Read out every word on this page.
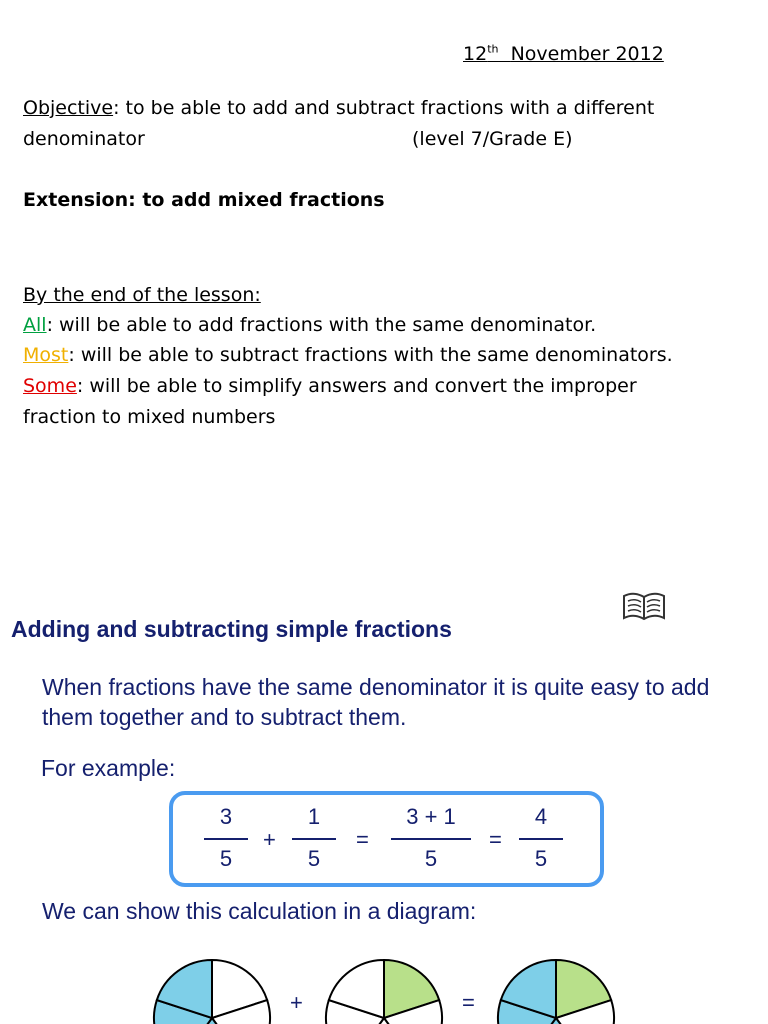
12th November 2012
Objective: to be able to add and subtract fractions with a different
denominator	(level 7/Grade E)
Extension: to add mixed fractions
By the end of the lesson:
All: will be able to add fractions with the same denominator.
Most: will be able to subtract fractions with the same denominators.
Some: will be able to simplify answers and convert the improper
fraction to mixed numbers
Adding and subtracting simple fractions
When fractions have the same denominator it is quite easy to add them together and to subtract them.
For example:
3
5
+
1
5
=
3 + 1
5
=
4
5
We can show this calculation in a diagram:
+	=
